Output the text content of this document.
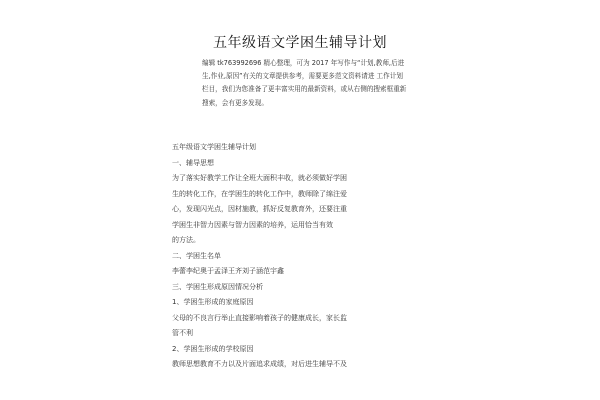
五年级语文学困生辅导计划
编辑 tk763992696 精心整理，可为 2017 年写作与“计划,教师,后进生,作业,原因”有关的文章提供参考，需要更多范文资料请进 工作计划 栏目，我们为您准备了更丰富实用的最新资料，或从右侧的搜索框重新搜索，会有更多发现。
五年级语文学困生辅导计划
一、辅导思想
为了落实好教学工作让全班大面积丰收，就必须做好学困
生的转化工作，在学困生的转化工作中，教师除了绵注爱
心，发现闪光点，因材施教，抓好反复教育外，还要注重
学困生非智力因素与智力因素的培养，运用恰当有效
的方法。
二、学困生名单
李蕾李纪奥于孟泽王齐刘子涵范宇鑫
三、学困生形成原因情况分析
1、学困生形成的家庭原因
父母的不良言行举止直接影响着孩子的健康成长，家长监
管不利
2、学困生形成的学校原因
教师思想教育不力以及片面追求成绩，对后进生辅导不及
